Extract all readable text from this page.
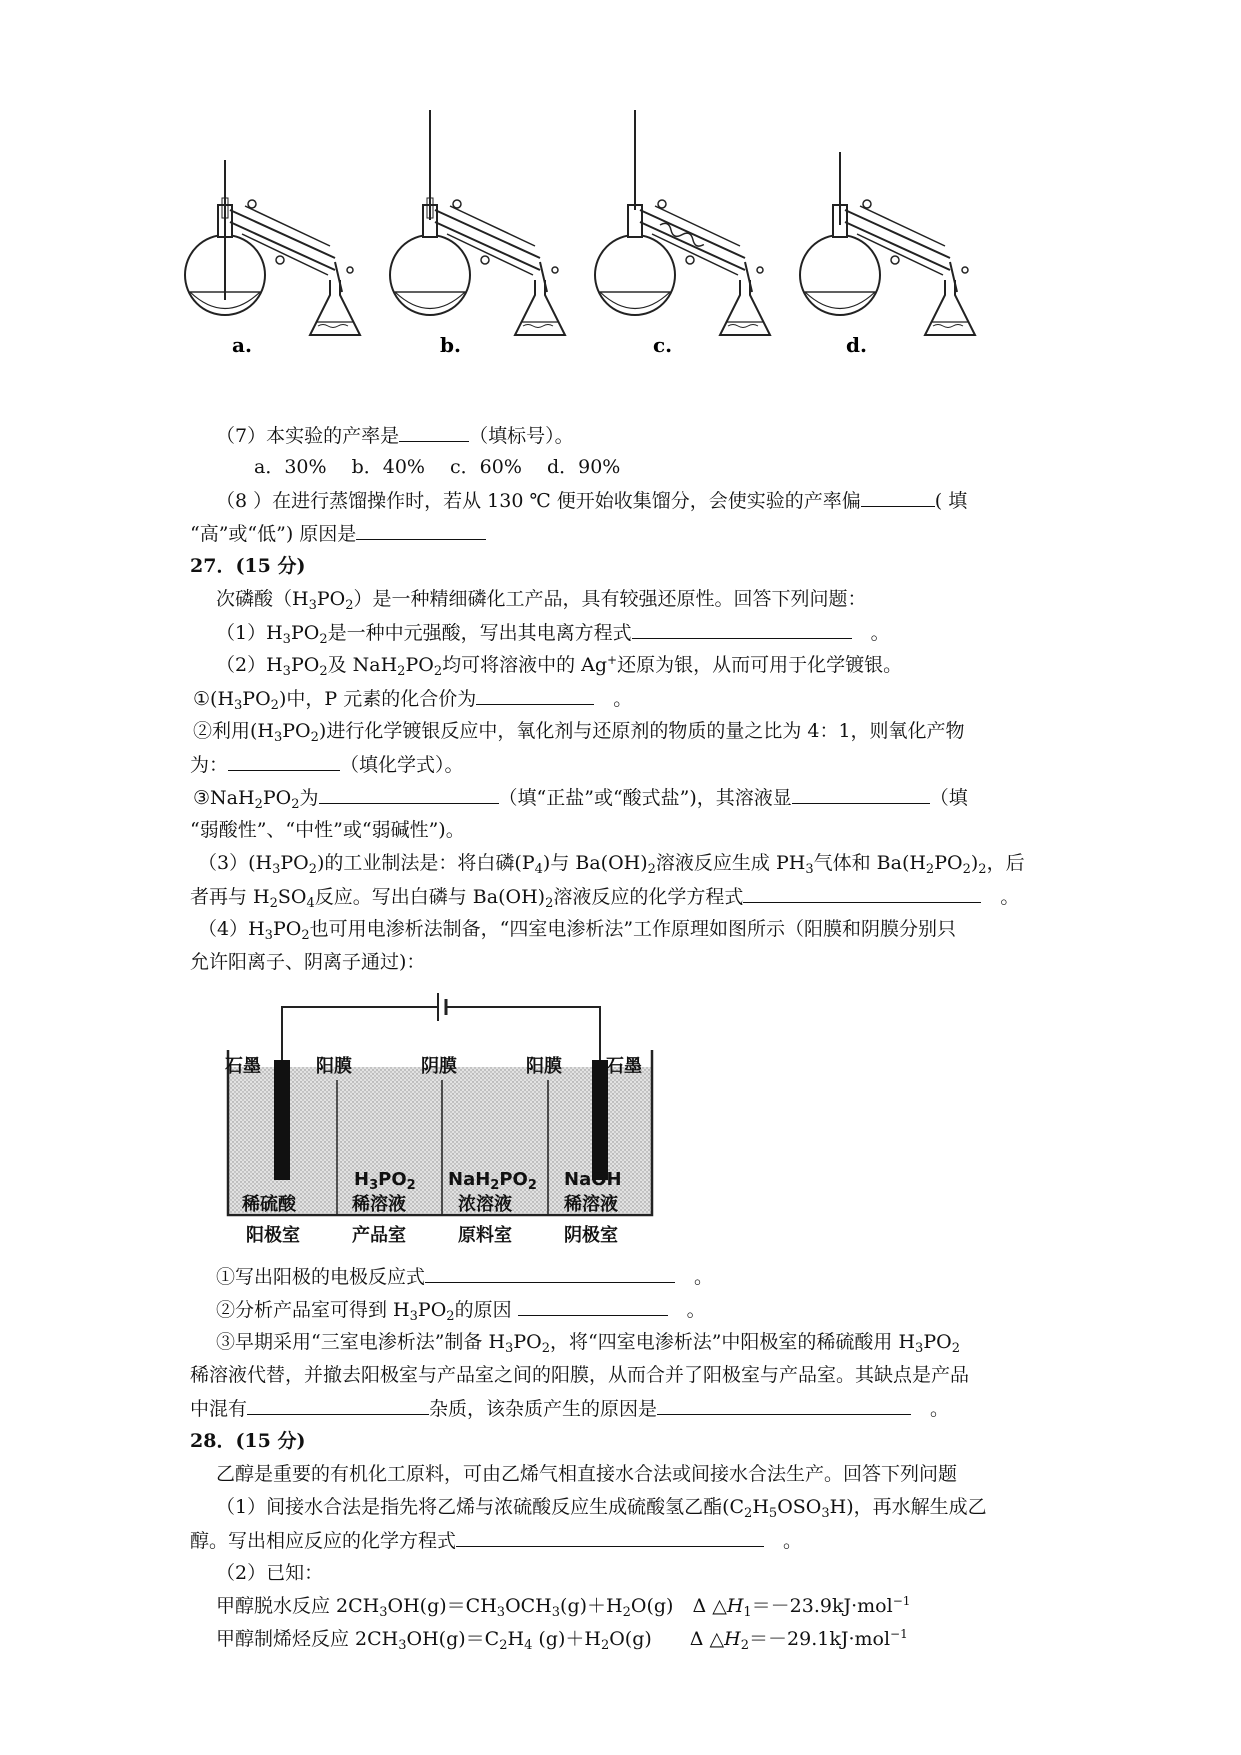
a.	b.	c.	d.
（7）本实验的产率是	（填标号）。
a．30%　 b．40%　 c．60%　 d．90%
（8 ）在进行蒸馏操作时，若从 130 ℃ 便开始收集馏分，会使实验的产率偏	( 填
“高”或“低”) 原因是
27．(15 分)
次磷酸$(H_3PO_2)$是一种精细磷化工产品，具有较强还原性。回答下列问题：
$(1)H_3PO_2$是一种中元强酸，写出其电离方程式　	。
$(2)H_3PO_2$及 $NaH_2PO_2$均可将溶液中的 Ag+还原为银，从而可用于化学镀银。
$①(H_3PO_2)$中，P 元素的化合价为　	。
②利用$(H_3PO_2)$进行化学镀银反应中，氧化剂与还原剂的物质的量之比为 4：1，则氧化产物
为：	（填化学式）。
$③NaH_2PO_2$为	（填“正盐”或“酸式盐”)，其溶液显	（填
“弱酸性”、“中性”或“弱碱性”)。
$(3)(H_3PO_2)$的工业制法是：将白磷$(P_4)$与 $Ba(OH)_2$溶液反应生成 $PH_3$气体和 $Ba(H_2PO_2)_2$，后
者再与 $H_2SO_4$反应。写出白磷与 $Ba(OH)_2$溶液反应的化学方程式　	。
$(4)H_3PO_2$也可用电渗析法制备，“四室电渗析法”工作原理如图所示（阳膜和阴膜分别只
允许阳离子、阴离子通过)：
石墨	阳膜	阴膜	阳膜 石墨
稀硫酸
$H_3PO_2$
稀溶液
$NaH_2PO_2$
浓溶液
NaOH
稀溶液
阳极室	产品室	原料室	阴极室
①写出阳极的电极反应式　	。
②分析产品室可得到 $H_3PO_2$的原因 　	。
③早期采用“三室电渗析法”制备 $H_3PO_2$，将“四室电渗析法”中阳极室的稀硫酸用 $H_3PO_2$
稀溶液代替，并撤去阳极室与产品室之间的阳膜，从而合并了阳极室与产品室。其缺点是产品
中混有	杂质，该杂质产生的原因是　	。
28．(15 分)
乙醇是重要的有机化工原料，可由乙烯气相直接水合法或间接水合法生产。回答下列问题
（1）间接水合法是指先将乙烯与浓硫酸反应生成硫酸氢乙酯$(C_2H_5OSO_3H)$，再水解生成乙
醇。写出相应反应的化学方程式　	。
（2）已知：
甲醇脱水反应 $2CH_3OH(g)=CH_3OCH_3(g)+H_2O(g)$　Δ $\triangle H_1=-23.9kJ\cdot mol^{-1}$
甲醇制烯烃反应 $2CH_3OH(g)=C_2H_4$ $(g)+H_2O(g)$　　Δ $\triangle H_2=-29.1kJ\cdot mol^{-1}$
